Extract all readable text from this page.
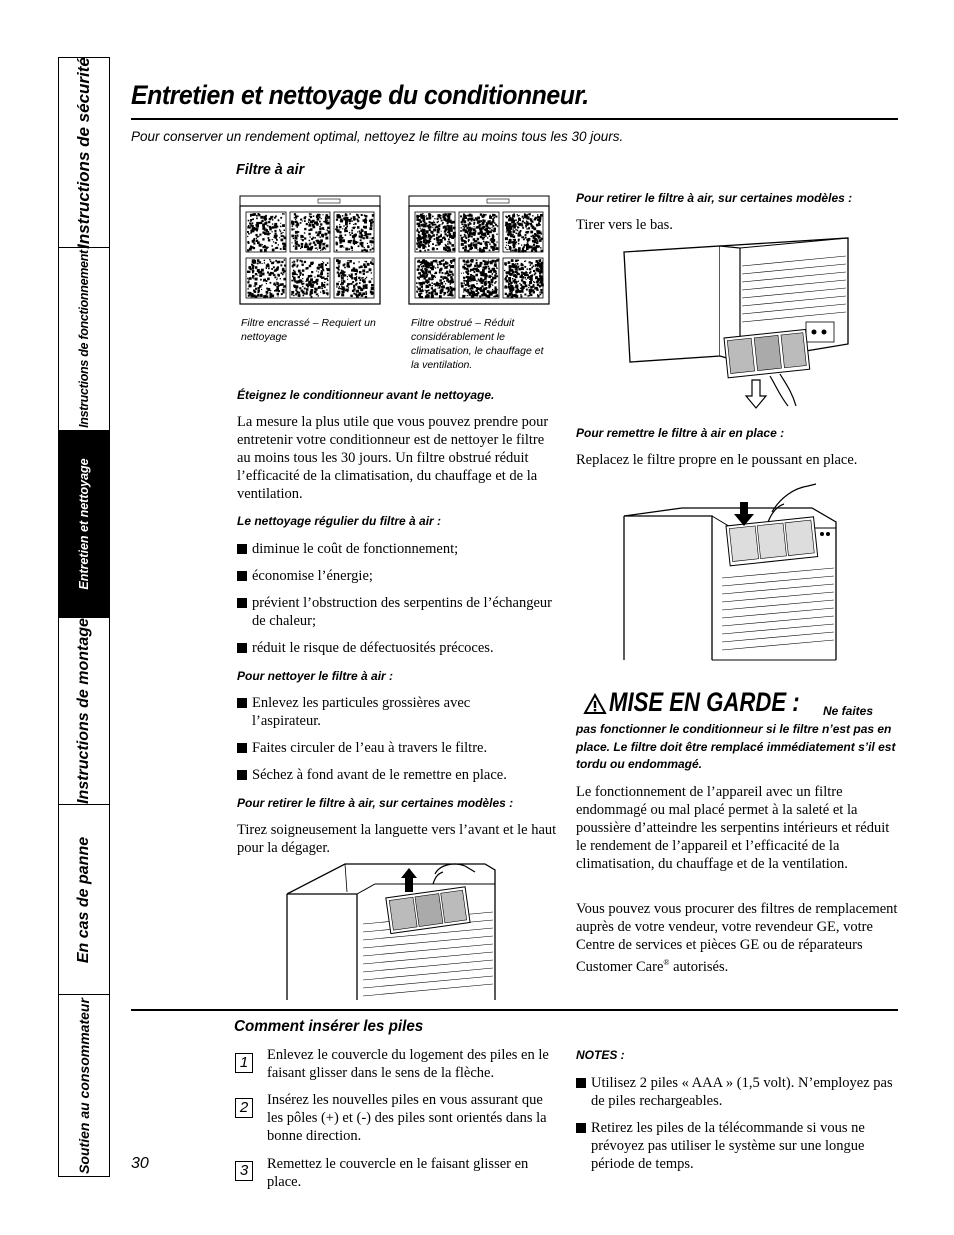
Instructions de sécurité
Instructions de fonctionnement
Entretien et nettoyage
Instructions de montage
En cas de panne
Soutien au consommateur
Entretien et nettoyage du conditionneur.
Pour conserver un rendement optimal, nettoyez le filtre au moins tous les 30 jours.
Filtre à air
Filtre encrassé – Requiert un nettoyage
Filtre obstrué – Réduit considérablement le climatisation, le chauffage et la ventilation.
Éteignez le conditionneur avant le nettoyage.
La mesure la plus utile que vous pouvez prendre pour entretenir votre conditionneur est de nettoyer le filtre au moins tous les 30 jours. Un filtre obstrué réduit l’efficacité de la climatisation, du chauffage et de la ventilation.
Le nettoyage régulier du filtre à air :
diminue le coût de fonctionnement;
économise l’énergie;
prévient l’obstruction des serpentins de l’échangeur de chaleur;
réduit le risque de défectuosités précoces.
Pour nettoyer le filtre à air :
Enlevez les particules grossières avec l’aspirateur.
Faites circuler de l’eau à travers le filtre.
Séchez à fond avant de le remettre en place.
Pour retirer le filtre à air, sur certaines modèles :
Tirez soigneusement la languette vers l’avant et le haut pour la dégager.
Pour retirer le filtre à air, sur certaines modèles :
Tirer vers le bas.
Pour remettre le filtre à air en place :
Replacez le filtre propre en le poussant en place.
MISE EN GARDE : Ne faites
pas fonctionner le conditionneur si le filtre n’est pas en place. Le filtre doit être remplacé immédiatement s’il est tordu ou endommagé.
Le fonctionnement de l’appareil avec un filtre endommagé ou mal placé permet à la saleté et la poussière d’atteindre les serpentins intérieurs et réduit le rendement de l’appareil et l’efficacité de la climatisation, du chauffage et de la ventilation.
Vous pouvez vous procurer des filtres de remplacement auprès de votre vendeur, votre revendeur GE, votre Centre de services et pièces GE ou de réparateurs Customer Care® autorisés.
Comment insérer les piles
1	Enlevez le couvercle du logement des piles en le faisant glisser dans le sens de la flèche.
2	Insérez les nouvelles piles en vous assurant que les pôles (+) et (-) des piles sont orientés dans la bonne direction.
3	Remettez le couvercle en le faisant glisser en place.
NOTES :
Utilisez 2 piles « AAA » (1,5 volt). N’employez pas de piles rechargeables.
Retirez les piles de la télécommande si vous ne prévoyez pas utiliser le système sur une longue période de temps.
30
